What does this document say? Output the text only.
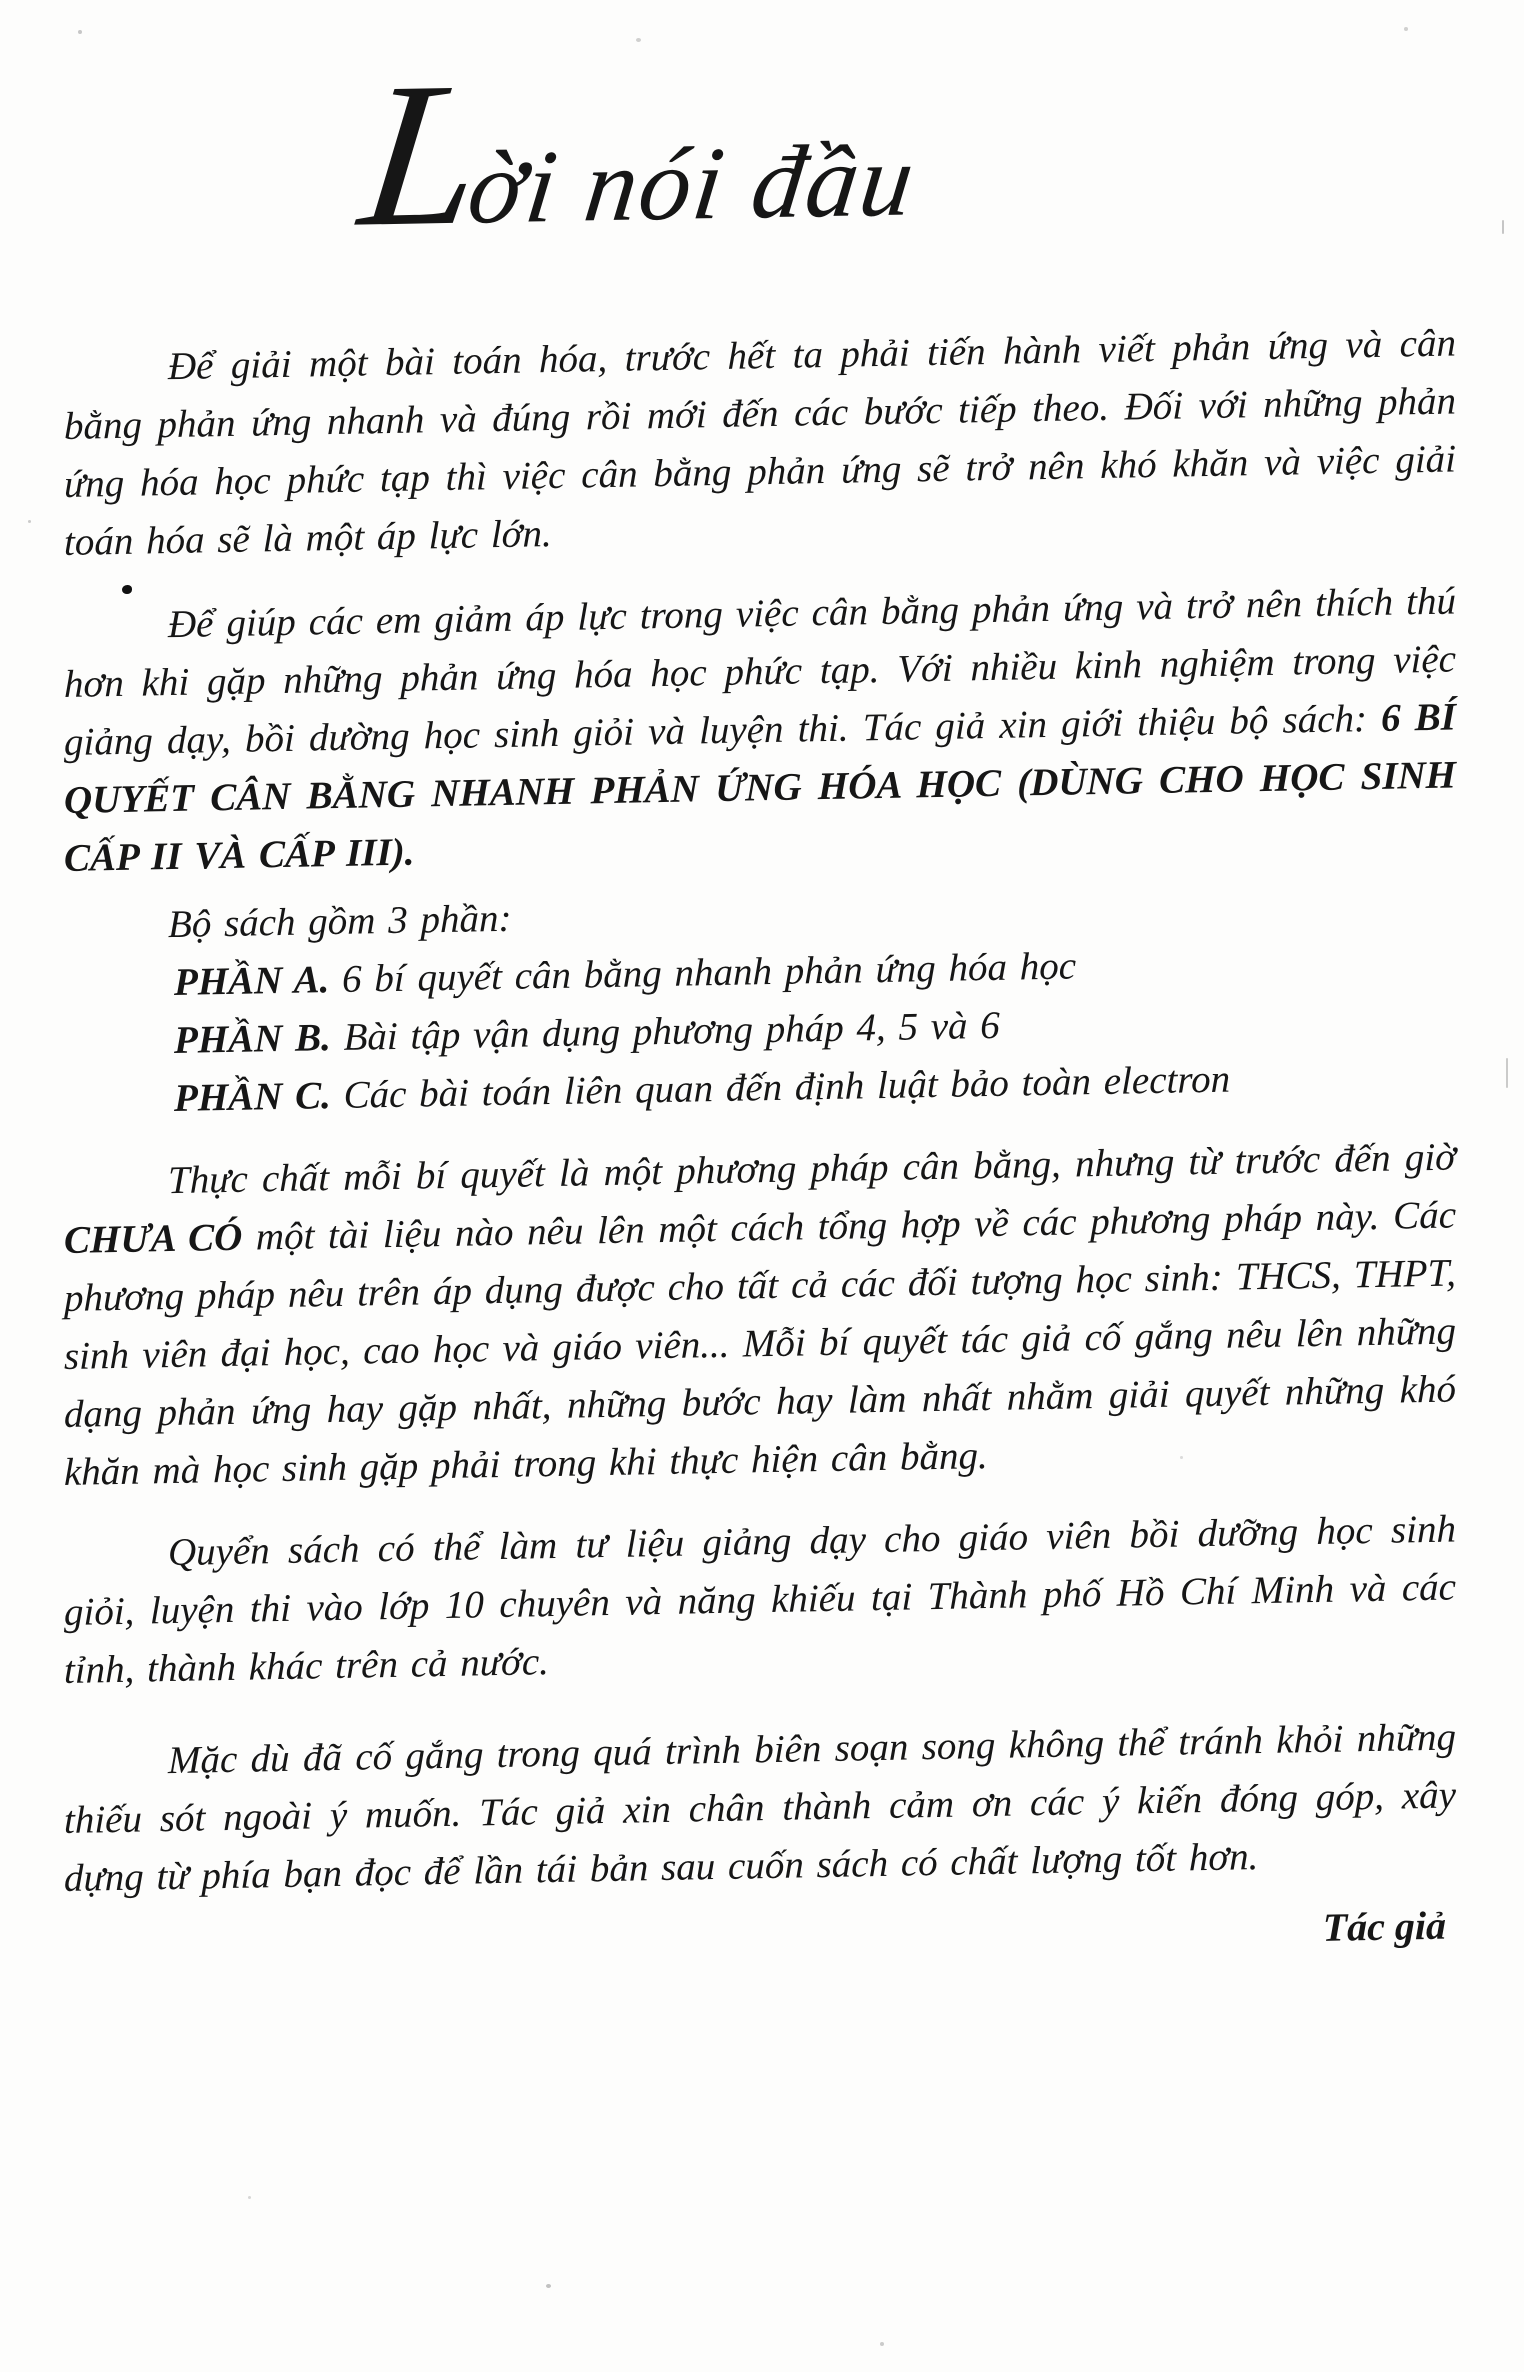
Lời nói đầu

Để giải một bài toán hóa, trước hết ta phải tiến hành viết phản ứng và cân bằng phản ứng nhanh và đúng rồi mới đến các bước tiếp theo. Đối với những phản ứng hóa học phức tạp thì việc cân bằng phản ứng sẽ trở nên khó khăn và việc giải toán hóa sẽ là một áp lực lớn.

Để giúp các em giảm áp lực trong việc cân bằng phản ứng và trở nên thích thú hơn khi gặp những phản ứng hóa học phức tạp. Với nhiều kinh nghiệm trong việc giảng dạy, bồi dường học sinh giỏi và luyện thi. Tác giả xin giới thiệu bộ sách: 6 BÍ QUYẾT CÂN BẰNG NHANH PHẢN ỨNG HÓA HỌC (DÙNG CHO HỌC SINH CẤP II VÀ CẤP III).

Bộ sách gồm 3 phần:

PHẦN A. 6 bí quyết cân bằng nhanh phản ứng hóa học

PHẦN B. Bài tập vận dụng phương pháp 4, 5 và 6

PHẦN C. Các bài toán liên quan đến định luật bảo toàn electron

Thực chất mỗi bí quyết là một phương pháp cân bằng, nhưng từ trước đến giờ CHƯA CÓ một tài liệu nào nêu lên một cách tổng hợp về các phương pháp này. Các phương pháp nêu trên áp dụng được cho tất cả các đối tượng học sinh: THCS, THPT, sinh viên đại học, cao học và giáo viên... Mỗi bí quyết tác giả cố gắng nêu lên những dạng phản ứng hay gặp nhất, những bước hay làm nhất nhằm giải quyết những khó khăn mà học sinh gặp phải trong khi thực hiện cân bằng.

Quyển sách có thể làm tư liệu giảng dạy cho giáo viên bồi dưỡng học sinh giỏi, luyện thi vào lớp 10 chuyên và năng khiếu tại Thành phố Hồ Chí Minh và các tỉnh, thành khác trên cả nước.

Mặc dù đã cố gắng trong quá trình biên soạn song không thể tránh khỏi những thiếu sót ngoài ý muốn. Tác giả xin chân thành cảm ơn các ý kiến đóng góp, xây dựng từ phía bạn đọc để lần tái bản sau cuốn sách có chất lượng tốt hơn.

Tác giả
